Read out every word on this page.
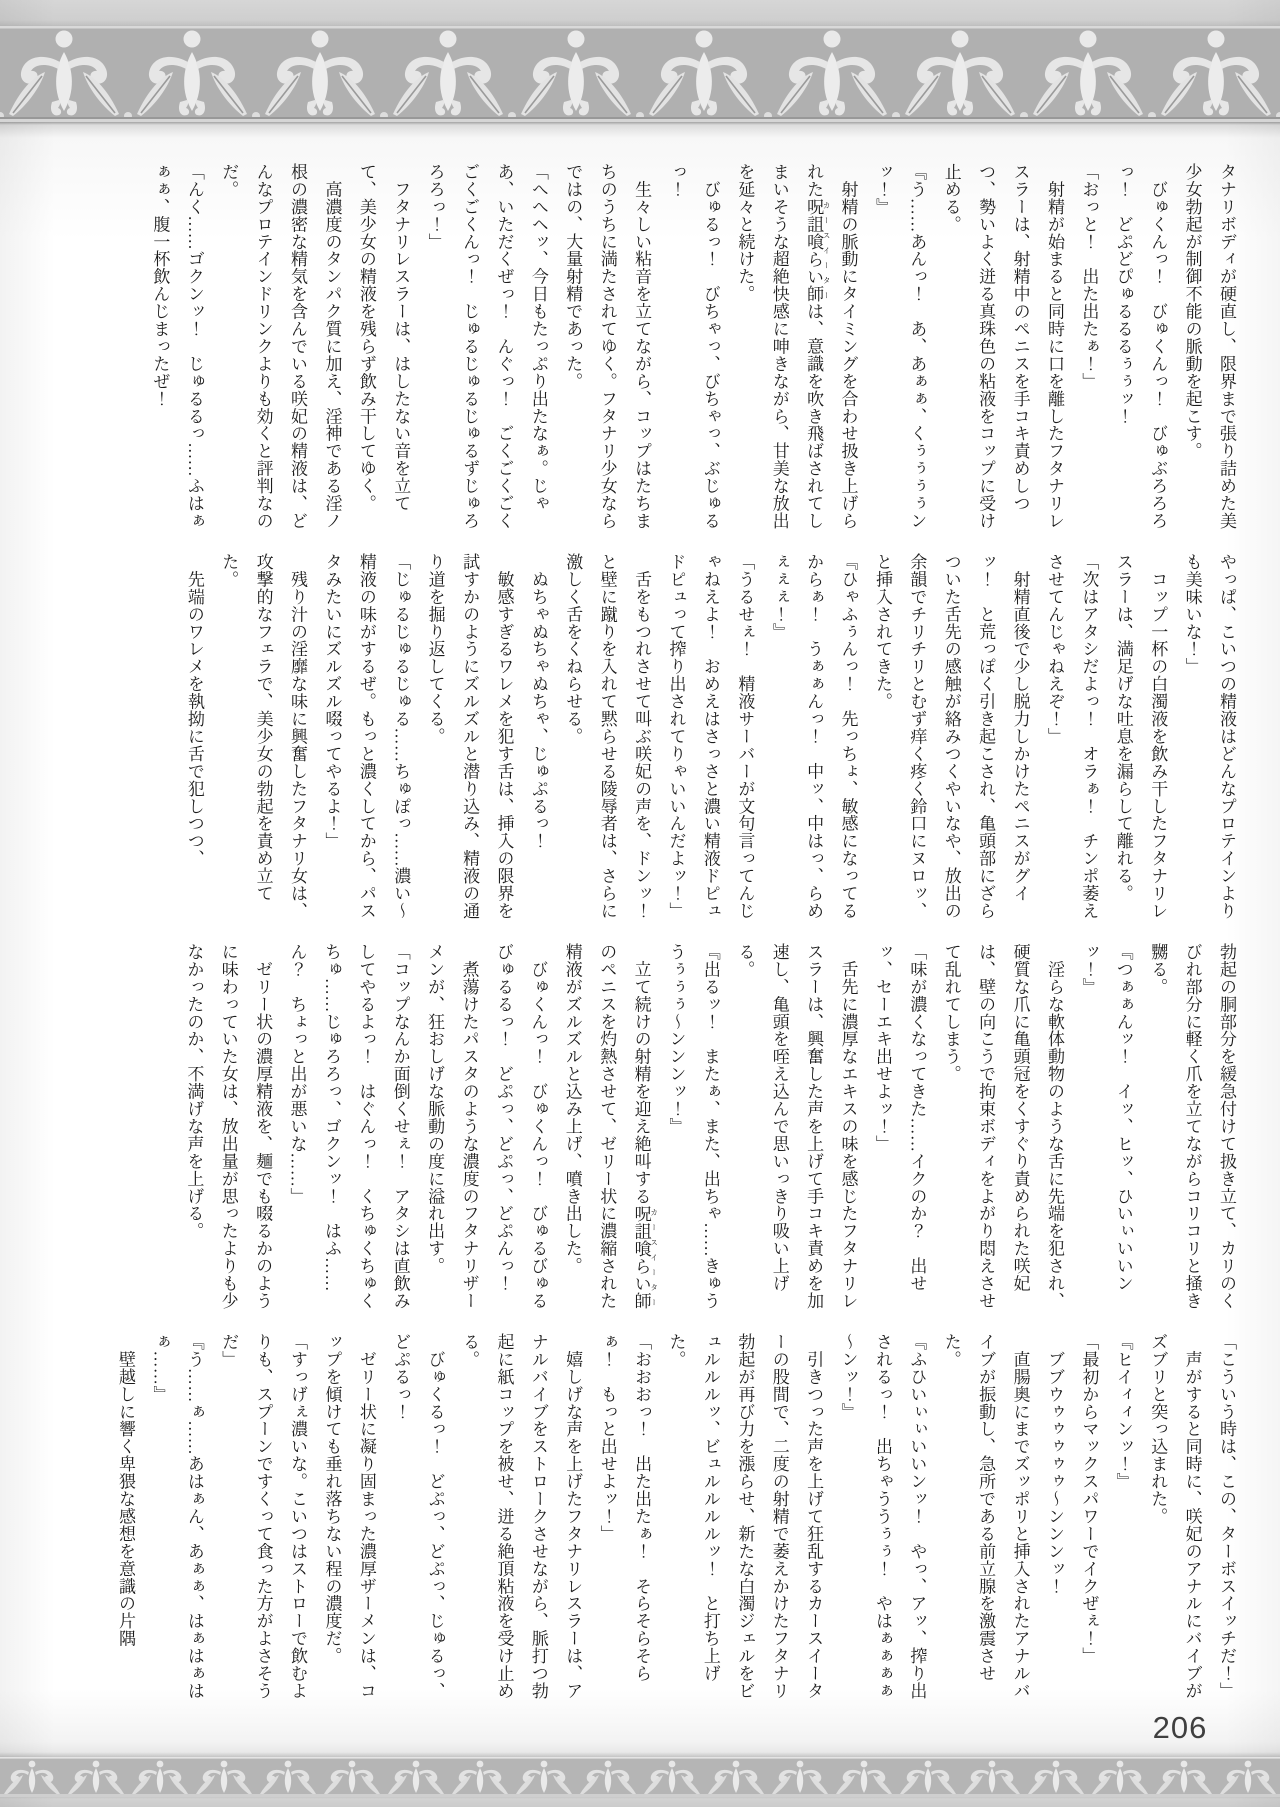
タナリボディが硬直し、限界まで張り詰めた美少女勃起が制御不能の脈動を起こす。

　びゅくんっ！　びゅくんっ！　びゅぶろろろっ！　どぷどぴゅるるるぅぅッ！

「おっと！　出た出たぁ！」

　射精が始まると同時に口を離したフタナリレスラーは、射精中のペニスを手コキ責めしつつ、勢いよく迸る真珠色の粘液をコップに受け止める。

『う……あんっ！　あ、あぁぁ、くぅぅぅぅンッ！』

　射精の脈動にタイミングを合わせ扱き上げられた呪詛喰らい師 カースイーターは、意識を吹き飛ばされてしまいそうな超絶快感に呻きながら、甘美な放出を延々と続けた。

　びゅるっ！　びちゃっ、びちゃっ、ぶじゅるっ！

　生々しい粘音を立てながら、コップはたちまちのうちに満たされてゆく。フタナリ少女ならではの、大量射精であった。

「へへヘッ、今日もたっぷり出たなぁ。じゃあ、いただくぜっ！　んぐっ！　ごくごくごくごくごくんっ！　じゅるじゅるじゅるずじゅろろろっ！」

　フタナリレスラーは、はしたない音を立てて、美少女の精液を残らず飲み干してゆく。

　高濃度のタンパク質に加え、淫神である淫ノ根の濃密な精気を含んでいる咲妃の精液は、どんなプロテインドリンクよりも効くと評判なのだ。

「んく……ゴクンッ！　じゅるるっ……ふはぁぁぁ、腹一杯飲んじまったぜ！

やっぱ、こいつの精液はどんなプロテインよりも美味いな！」

　コップ一杯の白濁液を飲み干したフタナリレスラーは、満足げな吐息を漏らして離れる。

「次はアタシだよっ！　オラぁ！　チンポ萎えさせてんじゃねえぞ！」

　射精直後で少し脱力しかけたペニスがグイッ！　と荒っぽく引き起こされ、亀頭部にざらついた舌先の感触が絡みつくやいなや、放出の余韻でチリチリとむず痒く疼く鈴口にヌロッ、と挿入されてきた。

『ひゃふぅんっ！　先っちょ、敏感になってるからぁ！　うぁぁんっ！　中ッ、中はっ、らめぇぇぇ！』

「うるせぇ！　精液サーバーが文句言ってんじゃねえよ！　おめえはさっさと濃い精液ドピュドピュって搾り出されてりゃいいんだよッ！」

　舌をもつれさせて叫ぶ咲妃の声を、ドンッ！　と壁に蹴りを入れて黙らせる陵辱者は、さらに激しく舌をくねらせる。

　ぬちゃぬちゃぬちゃ、じゅぷるっ！

　敏感すぎるワレメを犯す舌は、挿入の限界を試すかのようにズルズルと潜り込み、精液の通り道を掘り返してくる。

「じゅるじゅるじゅる……ちゅぽっ……濃い～精液の味がするぜ。もっと濃くしてから、パスタみたいにズルズル啜ってやるよ！」

　残り汁の淫靡な味に興奮したフタナリ女は、攻撃的なフェラで、美少女の勃起を責め立てた。

　先端のワレメを執拗に舌で犯しつつ、

勃起の胴部分を緩急付けて扱き立て、カリのくびれ部分に軽く爪を立てながらコリコリと掻き嬲る。

『つぁぁんッ！　イッ、ヒッ、ひいぃいいンッ！』

　淫らな軟体動物のような舌に先端を犯され、硬質な爪に亀頭冠をくすぐり責められた咲妃は、壁の向こうで拘束ボディをよがり悶えさせて乱れてしまう。

「味が濃くなってきた……イクのか？　出せッ、セーエキ出せよッ！」

　舌先に濃厚なエキスの味を感じたフタナリレスラーは、興奮した声を上げて手コキ責めを加速し、亀頭を咥え込んで思いっきり吸い上げる。

『出るッ！　またぁ、また、出ちゃ……きゅううぅぅぅ～ンンンッ！』

　立て続けの射精を迎え絶叫する呪詛喰らい師 カースイーターのペニスを灼熱させて、ゼリー状に濃縮された精液がズルズルと込み上げ、噴き出した。

　びゅくんっ！　びゅくんっ！　びゅるびゅるびゅるるっ！　どぷっ、どぷっ、どぷんっ！

　煮蕩けたパスタのような濃度のフタナリザーメンが、狂おしげな脈動の度に溢れ出す。

「コップなんか面倒くせぇ！　アタシは直飲みしてやるよっ！　はぐんっ！　くちゅくちゅくちゅ……じゅろろっ、ゴクンッ！　はふ……ん？　ちょっと出が悪いな……」

　ゼリー状の濃厚精液を、麺でも啜るかのように味わっていた女は、放出量が思ったよりも少なかったのか、不満げな声を上げる。

「こういう時は、この、ターボスイッチだ！」

　声がすると同時に、咲妃のアナルにバイブがズブリと突っ込まれた。

『ヒイィィンッ！』

「最初からマックスパワーでイクぜぇ！」

　ブブウゥゥゥゥゥ～ンンンッ！

　直腸奥にまでズッポリと挿入されたアナルバイブが振動し、急所である前立腺を激震させた。

『ふひいぃぃいいンッ！　やっ、アッ、搾り出されるっ！　出ちゃううぅぅ！　やはぁぁぁぁ～ンッ！』

　引きつった声を上げて狂乱するカースイーターの股間で、二度の射精で萎えかけたフタナリ勃起が再び力を漲らせ、新たな白濁ジェルをビュルルルッ、ビュルルルルッ！　と打ち上げた。

「おおおっ！　出た出たぁ！　そらそらそらぁ！　もっと出せよッ！」

　嬉しげな声を上げたフタナリレスラーは、アナルバイブをストロークさせながら、脈打つ勃起に紙コップを被せ、迸る絶頂粘液を受け止める。

　びゅくるっ！　どぷっ、どぷっ、じゅるっ、どぷるっ！

　ゼリー状に凝り固まった濃厚ザーメンは、コップを傾けても垂れ落ちない程の濃度だ。

「すっげぇ濃いな。こいつはストローで飲むよりも、スプーンですくって食った方がよさそうだ」

『う……ぁ……あはぁん、あぁぁ、はぁはぁはぁ……』

　壁越しに響く卑猥な感想を意識の片隅

206
